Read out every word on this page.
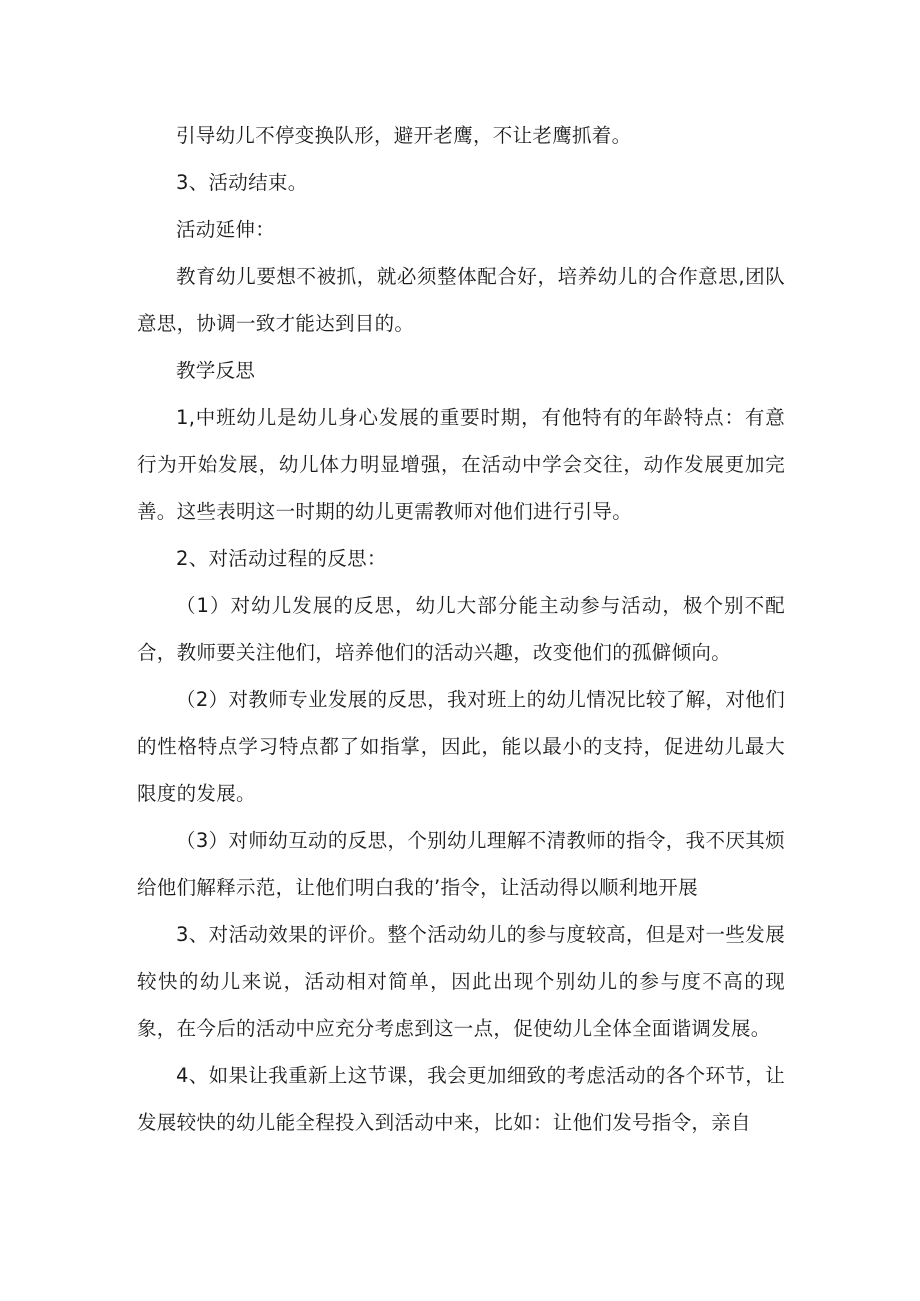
引导幼儿不停变换队形，避开老鹰，不让老鹰抓着。

3、活动结束。

活动延伸：

教育幼儿要想不被抓，就必须整体配合好，培养幼儿的合作意思,团队意思，协调一致才能达到目的。

教学反思

1,中班幼儿是幼儿身心发展的重要时期，有他特有的年龄特点：有意行为开始发展，幼儿体力明显增强，在活动中学会交往，动作发展更加完善。这些表明这一时期的幼儿更需教师对他们进行引导。

2、对活动过程的反思：

（1）对幼儿发展的反思，幼儿大部分能主动参与活动，极个别不配合，教师要关注他们，培养他们的活动兴趣，改变他们的孤僻倾向。

（2）对教师专业发展的反思，我对班上的幼儿情况比较了解，对他们的性格特点学习特点都了如指掌，因此，能以最小的支持，促进幼儿最大限度的发展。

（3）对师幼互动的反思，个别幼儿理解不清教师的指令，我不厌其烦给他们解释示范，让他们明白我的’指令，让活动得以顺利地开展

3、对活动效果的评价。整个活动幼儿的参与度较高，但是对一些发展较快的幼儿来说，活动相对简单，因此出现个别幼儿的参与度不高的现象，在今后的活动中应充分考虑到这一点，促使幼儿全体全面谐调发展。

4、如果让我重新上这节课，我会更加细致的考虑活动的各个环节，让发展较快的幼儿能全程投入到活动中来，比如：让他们发号指令，亲自
